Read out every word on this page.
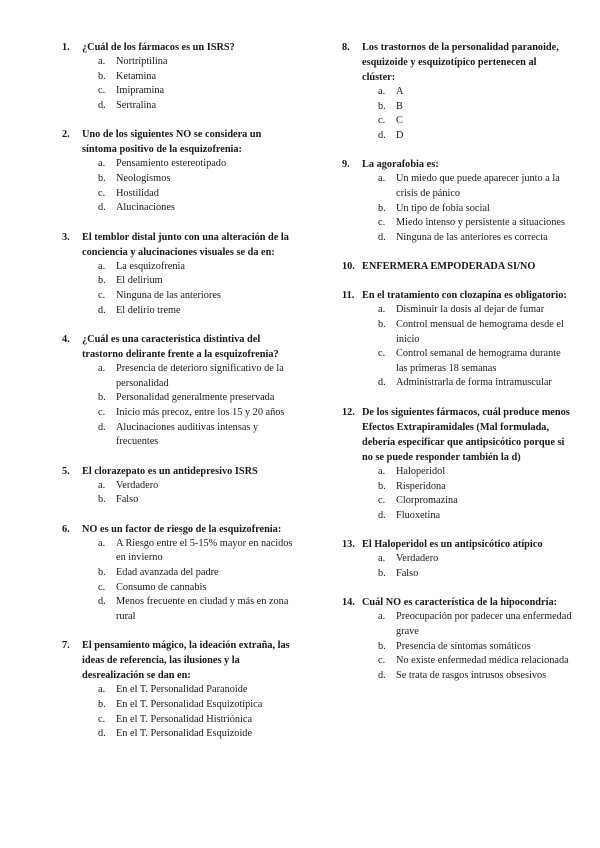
1.	¿Cuál de los fármacos es un ISRS?
a.	Nortriptilina
b. Ketamina
c.	Imipramina
d. Sertralina
2.	Uno de los siguientes NO se considera un síntoma positivo de la esquizofrenia:
a.	Pensamiento estereotipado
b. Neologismos
c.	Hostilidad
d. Alucinaciones
3.	El temblor distal junto con una alteración de la conciencia y alucinaciones visuales se da en:
a.	La esquizofrenia
b. El delirium
c.	Ninguna de las anteriores
d. El delirio treme
4.	¿Cuál es una característica distintiva del trastorno delirante frente a la esquizofrenia?
a.	Presencia de deterioro significativo de la personalidad
b. Personalidad generalmente preservada
c.	Inicio más precoz, entre los 15 y 20 años
d. Alucinaciones auditivas intensas y frecuentes
5.	El clorazepato es un antidepresivo ISRS
a.	Verdadero
b. Falso
6.	NO es un factor de riesgo de la esquizofrenia:
a.	A Riesgo entre el 5-15% mayor en nacidos en invierno
b. Edad avanzada del padre
c.	Consumo de cannabis
d. Menos frecuente en ciudad y más en zona rural
7.	El pensamiento mágico, la ideación extraña, las ideas de referencia, las ilusiones y la desrealización se dan en:
a.	En el T. Personalidad Paranoide
b. En el T. Personalidad Esquizotípica
c.	En el T. Personalidad Histriónica
d. En el T. Personalidad Esquizoide
8.	Los trastornos de la personalidad paranoide, esquizoide y esquizotípico pertenecen al clúster:
a.	A
b. B
c.	C
d. D
9.	La agorafobia es:
a.	Un miedo que puede aparecer junto a la crisis de pánico
b. Un tipo de fobia social
c.	Miedo intenso y persistente a situaciones
d. Ninguna de las anteriores es correcta
10. ENFERMERA EMPODERADA SI/NO
11. En el tratamiento con clozapina es obligatorio:
a.	Disminuir la dosis al dejar de fumar
b. Control mensual de hemograma desde el inicio
c.	Control semanal de hemograma durante las primeras 18 semanas
d. Administrarla de forma intramuscular
12. De los siguientes fármacos, cuál produce menos Efectos Extrapiramidales (Mal formulada, debería especificar que antipsicótico porque si no se puede responder también la d)
a.	Haloperidol
b. Risperidona
c.	Clorpromazina
d. Fluoxetina
13. El Haloperidol es un antipsicótico atípico
a.	Verdadero
b. Falso
14. Cuál NO es característica de la hipocondría:
a.	Preocupación por padecer una enfermedad grave
b. Presencia de síntomas somáticos
c.	No existe enfermedad médica relacionada
d. Se trata de rasgos intrusos obsesivos
